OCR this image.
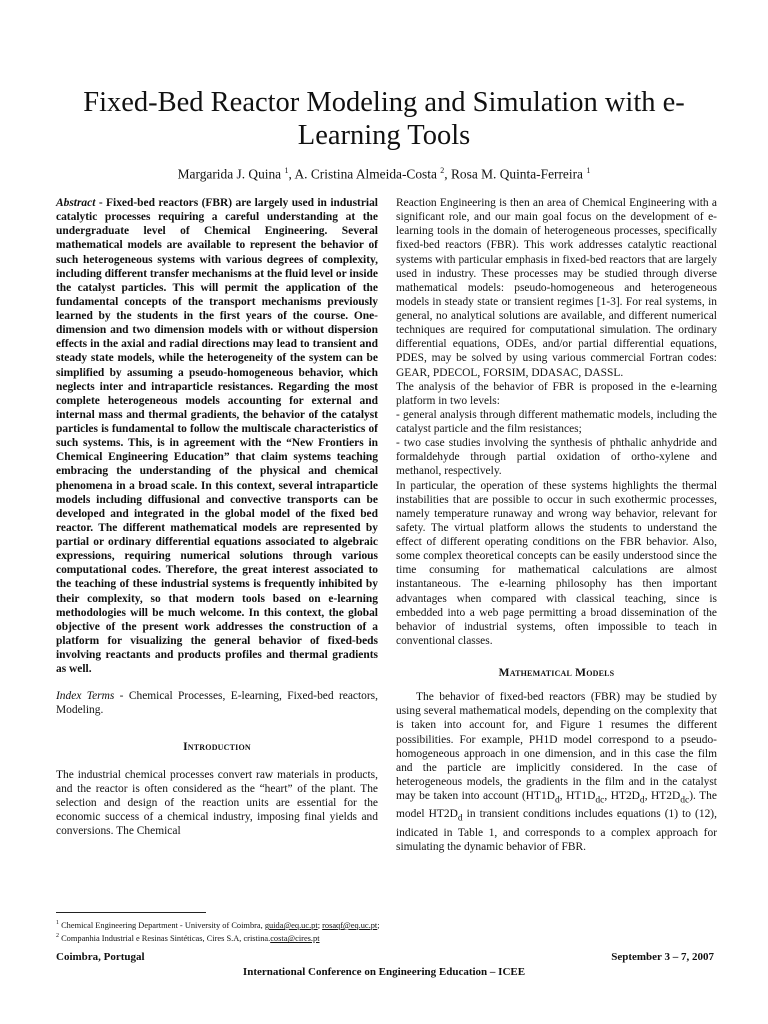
Fixed-Bed Reactor Modeling and Simulation with e-Learning Tools
Margarida J. Quina $^1$, A. Cristina Almeida-Costa $^2$, Rosa M. Quinta-Ferreira $^1$

Abstract - Fixed-bed reactors (FBR) are largely used in industrial catalytic processes requiring a careful understanding at the undergraduate level of Chemical Engineering. Several mathematical models are available to represent the behavior of such heterogeneous systems with various degrees of complexity, including different transfer mechanisms at the fluid level or inside the catalyst particles. This will permit the application of the fundamental concepts of the transport mechanisms previously learned by the students in the first years of the course. One-dimension and two dimension models with or without dispersion effects in the axial and radial directions may lead to transient and steady state models, while the heterogeneity of the system can be simplified by assuming a pseudo-homogeneous behavior, which neglects inter and intraparticle resistances. Regarding the most complete heterogeneous models accounting for external and internal mass and thermal gradients, the behavior of the catalyst particles is fundamental to follow the multiscale characteristics of such systems. This, is in agreement with the “New Frontiers in Chemical Engineering Education” that claim systems teaching embracing the understanding of the physical and chemical phenomena in a broad scale. In this context, several intraparticle models including diffusional and convective transports can be developed and integrated in the global model of the fixed bed reactor. The different mathematical models are represented by partial or ordinary differential equations associated to algebraic expressions, requiring numerical solutions through various computational codes. Therefore, the great interest associated to the teaching of these industrial systems is frequently inhibited by their complexity, so that modern tools based on e-learning methodologies will be much welcome. In this context, the global objective of the present work addresses the construction of a platform for visualizing the general behavior of fixed-beds involving reactants and products profiles and thermal gradients as well.

Index Terms - Chemical Processes, E-learning, Fixed-bed reactors, Modeling.

Introduction

The industrial chemical processes convert raw materials in products, and the reactor is often considered as the “heart” of the plant. The selection and design of the reaction units are essential for the economic success of a chemical industry, imposing final yields and conversions. The Chemical

Reaction Engineering is then an area of Chemical Engineering with a significant role, and our main goal focus on the development of e-learning tools in the domain of heterogeneous processes, specifically fixed-bed reactors (FBR). This work addresses catalytic reactional systems with particular emphasis in fixed-bed reactors that are largely used in industry. These processes may be studied through diverse mathematical models: pseudo-homogeneous and heterogeneous models in steady state or transient regimes [1-3]. For real systems, in general, no analytical solutions are available, and different numerical techniques are required for computational simulation. The ordinary differential equations, ODEs, and/or partial differential equations, PDES, may be solved by using various commercial Fortran codes: GEAR, PDECOL, FORSIM, DDASAC, DASSL.

The analysis of the behavior of FBR is proposed in the e-learning platform in two levels:

- general analysis through different mathematic models, including the catalyst particle and the film resistances;

- two case studies involving the synthesis of phthalic anhydride and formaldehyde through partial oxidation of ortho-xylene and methanol, respectively.

In particular, the operation of these systems highlights the thermal instabilities that are possible to occur in such exothermic processes, namely temperature runaway and wrong way behavior, relevant for safety. The virtual platform allows the students to understand the effect of different operating conditions on the FBR behavior. Also, some complex theoretical concepts can be easily understood since the time consuming for mathematical calculations are almost instantaneous. The e-learning philosophy has then important advantages when compared with classical teaching, since is embedded into a web page permitting a broad dissemination of the behavior of industrial systems, often impossible to teach in conventional classes.

Mathematical Models

The behavior of fixed-bed reactors (FBR) may be studied by using several mathematical models, depending on the complexity that is taken into account for, and Figure 1 resumes the different possibilities. For example, PH1D model correspond to a pseudo-homogeneous approach in one dimension, and in this case the film and the particle are implicitly considered. In the case of heterogeneous models, the gradients in the film and in the catalyst may be taken into account ($HT1D_d$, $HT1D_{dc}$, $HT2D_d$, $HT2D_{dc}$). The model $HT2D_d$ in transient conditions includes equations (1) to (12), indicated in Table 1, and corresponds to a complex approach for simulating the dynamic behavior of FBR.

$^1$ Chemical Engineering Department - University of Coimbra, guida@eq.uc.pt; rosaqf@eq.uc.pt;
$^2$ Companhia Industrial e Resinas Sintéticas, Cires S.A, cristina.costa@cires.pt
Coimbra, Portugal	September 3 – 7, 2007
International Conference on Engineering Education – ICEE
